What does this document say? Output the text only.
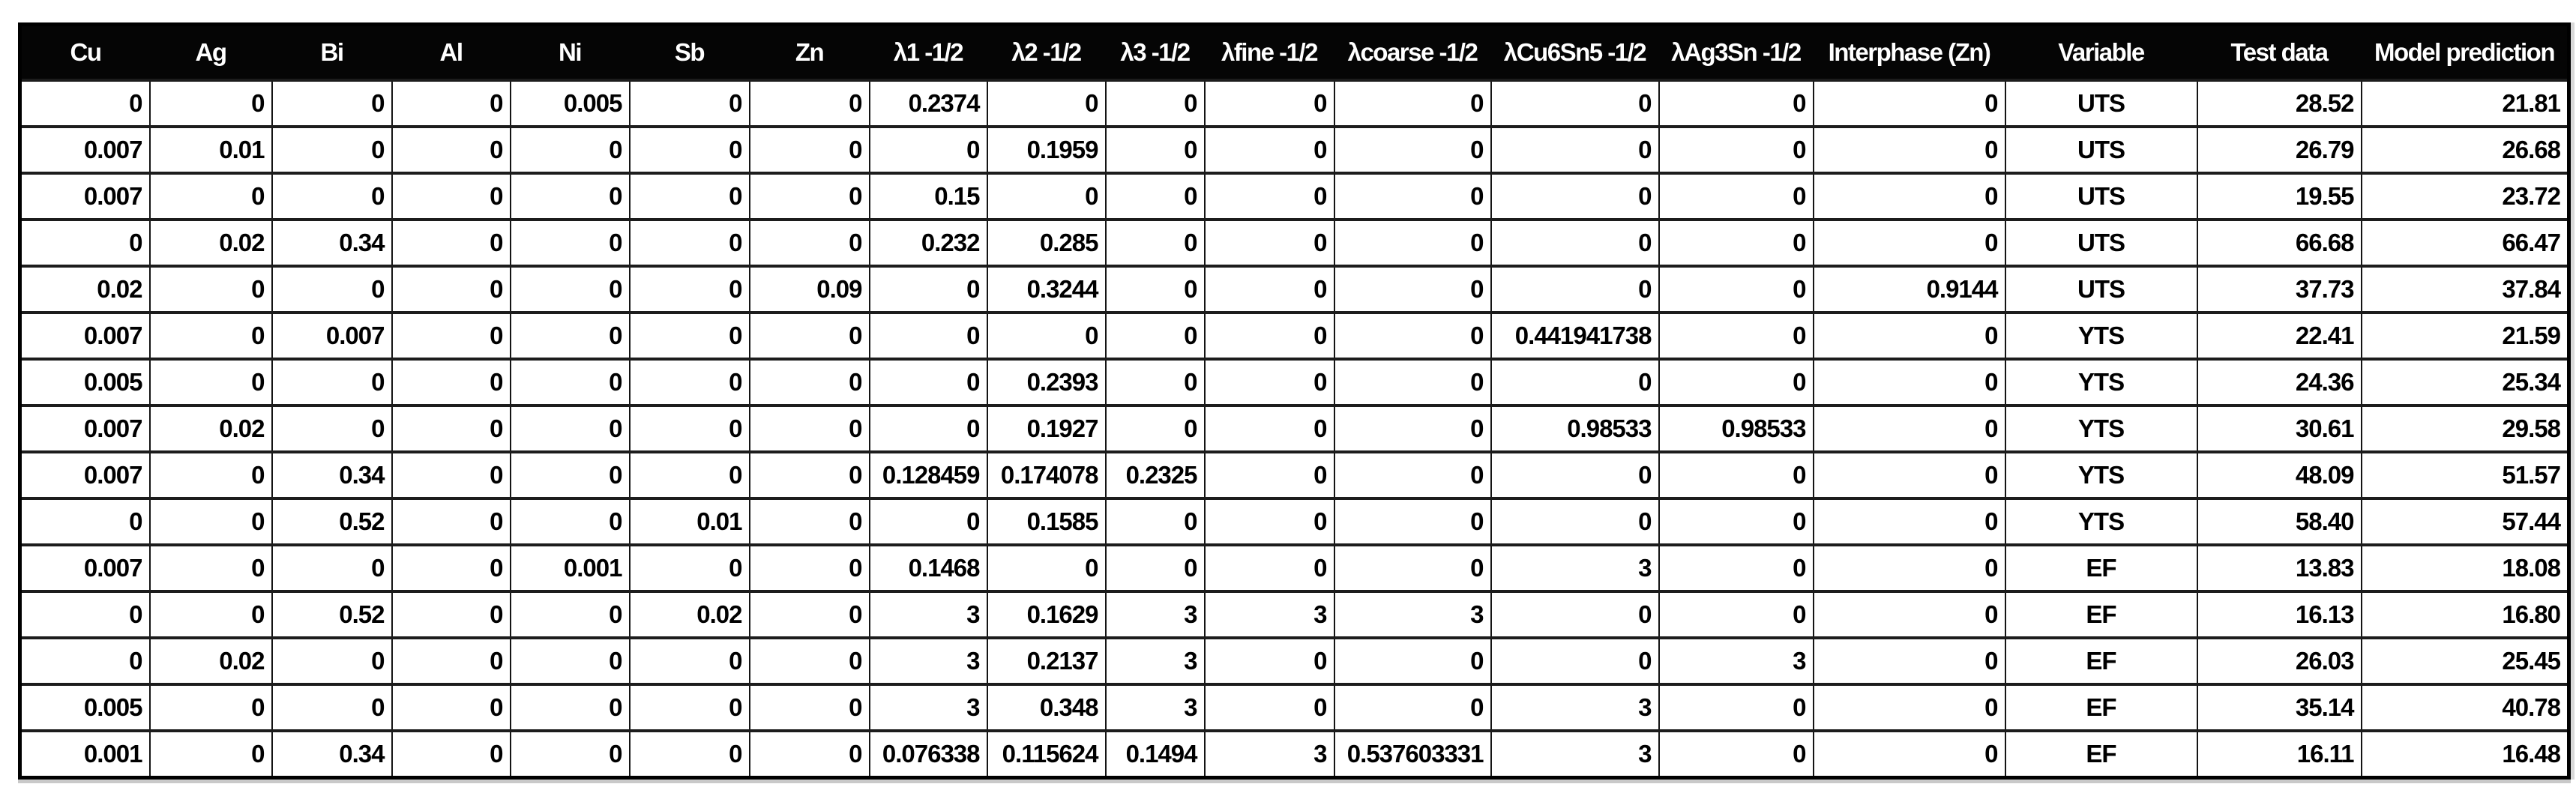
Cu	Ag	Bi	Al	Ni	Sb	Zn	λ1 -1/2	λ2 -1/2	λ3 -1/2	λfine -1/2	λcoarse -1/2	λCu6Sn5 -1/2	λAg3Sn -1/2	Interphase (Zn)	Variable	Test data	Model prediction
0	0	0	0	0.005	0	0	0.2374	0	0	0	0	0	0	0	UTS	28.52	21.81
0.007	0.01	0	0	0	0	0	0	0.1959	0	0	0	0	0	0	UTS	26.79	26.68
0.007	0	0	0	0	0	0	0.15	0	0	0	0	0	0	0	UTS	19.55	23.72
0	0.02	0.34	0	0	0	0	0.232	0.285	0	0	0	0	0	0	UTS	66.68	66.47
0.02	0	0	0	0	0	0.09	0	0.3244	0	0	0	0	0	0.9144	UTS	37.73	37.84
0.007	0	0.007	0	0	0	0	0	0	0	0	0	0.441941738	0	0	YTS	22.41	21.59
0.005	0	0	0	0	0	0	0	0.2393	0	0	0	0	0	0	YTS	24.36	25.34
0.007	0.02	0	0	0	0	0	0	0.1927	0	0	0	0.98533	0.98533	0	YTS	30.61	29.58
0.007	0	0.34	0	0	0	0	0.128459	0.174078	0.2325	0	0	0	0	0	YTS	48.09	51.57
0	0	0.52	0	0	0.01	0	0	0.1585	0	0	0	0	0	0	YTS	58.40	57.44
0.007	0	0	0	0.001	0	0	0.1468	0	0	0	0	3	0	0	EF	13.83	18.08
0	0	0.52	0	0	0.02	0	3	0.1629	3	3	3	0	0	0	EF	16.13	16.80
0	0.02	0	0	0	0	0	3	0.2137	3	0	0	0	3	0	EF	26.03	25.45
0.005	0	0	0	0	0	0	3	0.348	3	0	0	3	0	0	EF	35.14	40.78
0.001	0	0.34	0	0	0	0	0.076338	0.115624	0.1494	3	0.537603331	3	0	0	EF	16.11	16.48
